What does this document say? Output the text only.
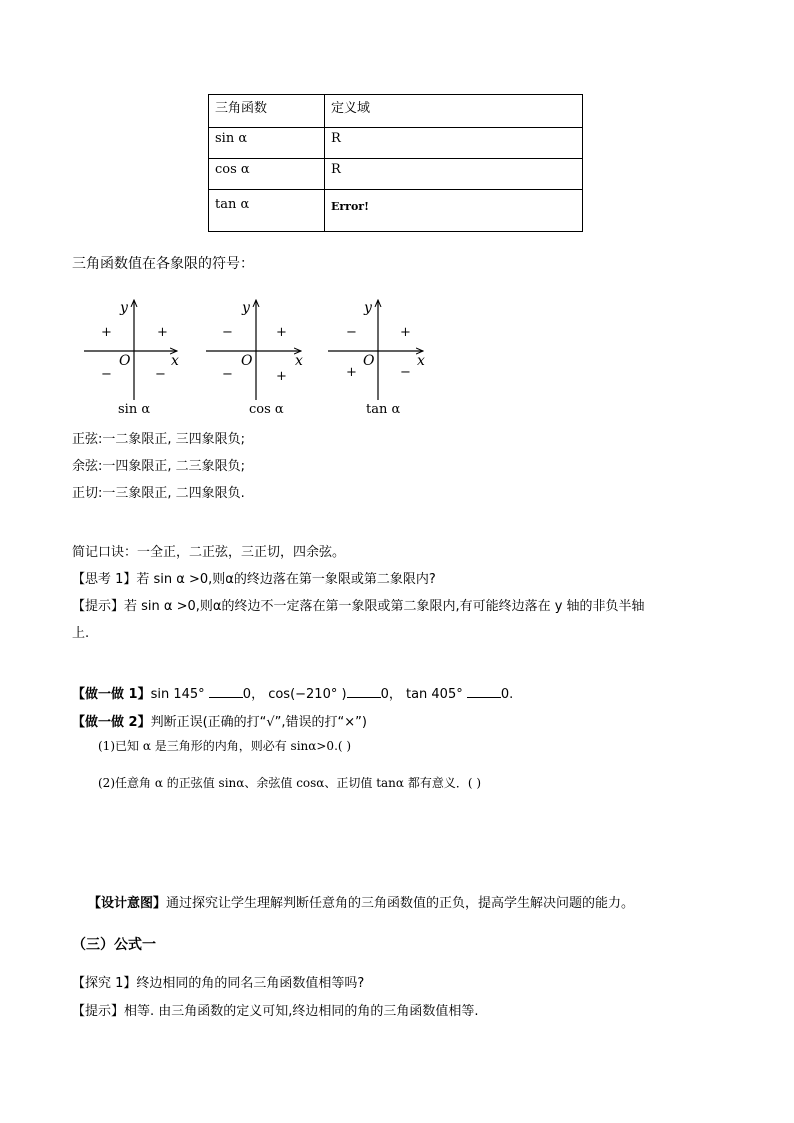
三角函数	定义域
sin α	R
cos α	R
tan α	Error!
三角函数值在各象限的符号：
y
x
O
+
+
−	−
sin α
y
x
O
+
−
−	+
cos α
y
x
O
+
−
+	−
tan α
正弦:一二象限正, 三四象限负;
余弦:一四象限正, 二三象限负;
正切:一三象限正, 二四象限负.
简记口诀：一全正，二正弦，三正切，四余弦。
【思考 1】若 sin α >0,则α的终边落在第一象限或第二象限内?
【提示】若 sin α >0,则α的终边不一定落在第一象限或第二象限内,有可能终边落在 y 轴的非负半轴
上.
【做一做 1】sin 145°	0， cos(−210° )	0， tan 405°	0.
【做一做 2】判断正误(正确的打“√”,错误的打“×”)
(1)已知 α 是三角形的内角，则必有 sinα>0.( )
(2)任意角 α 的正弦值 sinα、余弦值 cosα、正切值 tanα 都有意义．( )
【设计意图】通过探究让学生理解判断任意角的三角函数值的正负，提高学生解决问题的能力。
（三）公式一
【探究 1】终边相同的角的同名三角函数值相等吗?
【提示】相等. 由三角函数的定义可知,终边相同的角的三角函数值相等.
